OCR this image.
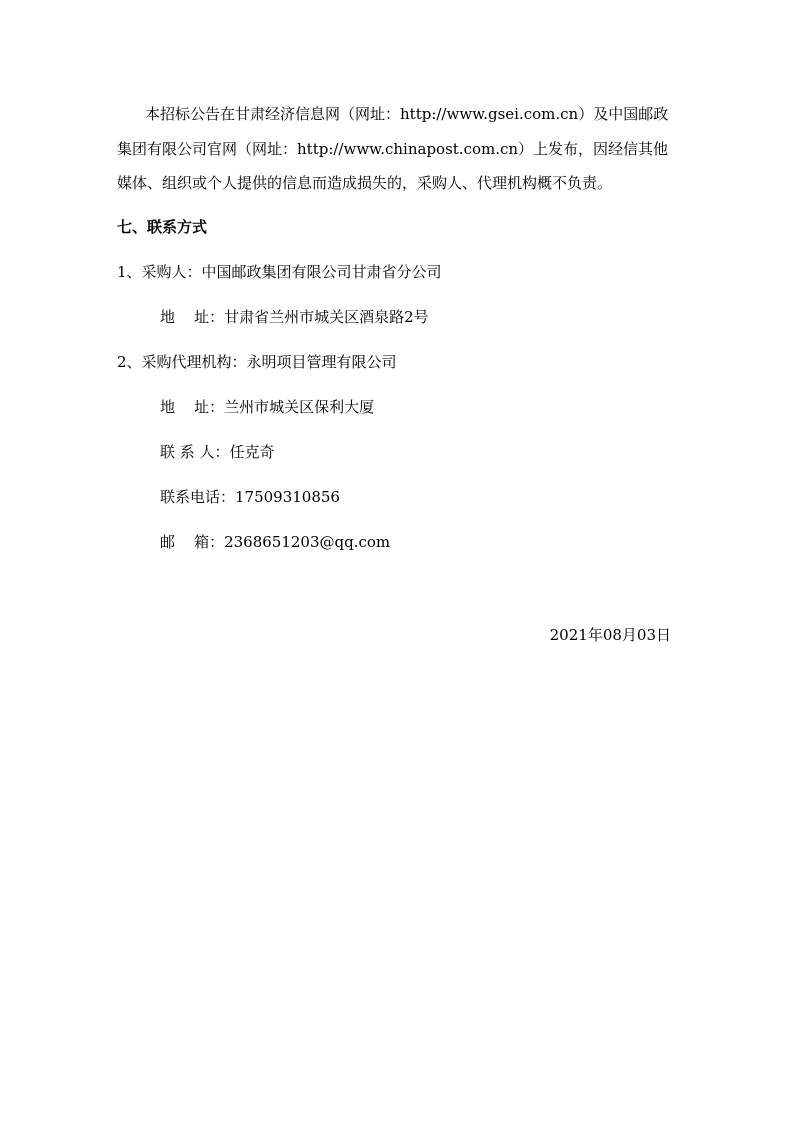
本招标公告在甘肃经济信息网（网址：http://www.gsei.com.cn）及中国邮政
集团有限公司官网（网址：http://www.chinapost.com.cn）上发布，因经信其他
媒体、组织或个人提供的信息而造成损失的，采购人、代理机构概不负责。
七、联系方式
1、采购人：中国邮政集团有限公司甘肃省分公司
地    址：甘肃省兰州市城关区酒泉路2号
2、采购代理机构：永明项目管理有限公司
地    址：兰州市城关区保利大厦
联 系 人：任克奇
联系电话：17509310856
邮    箱：2368651203@qq.com
2021年08月03日
